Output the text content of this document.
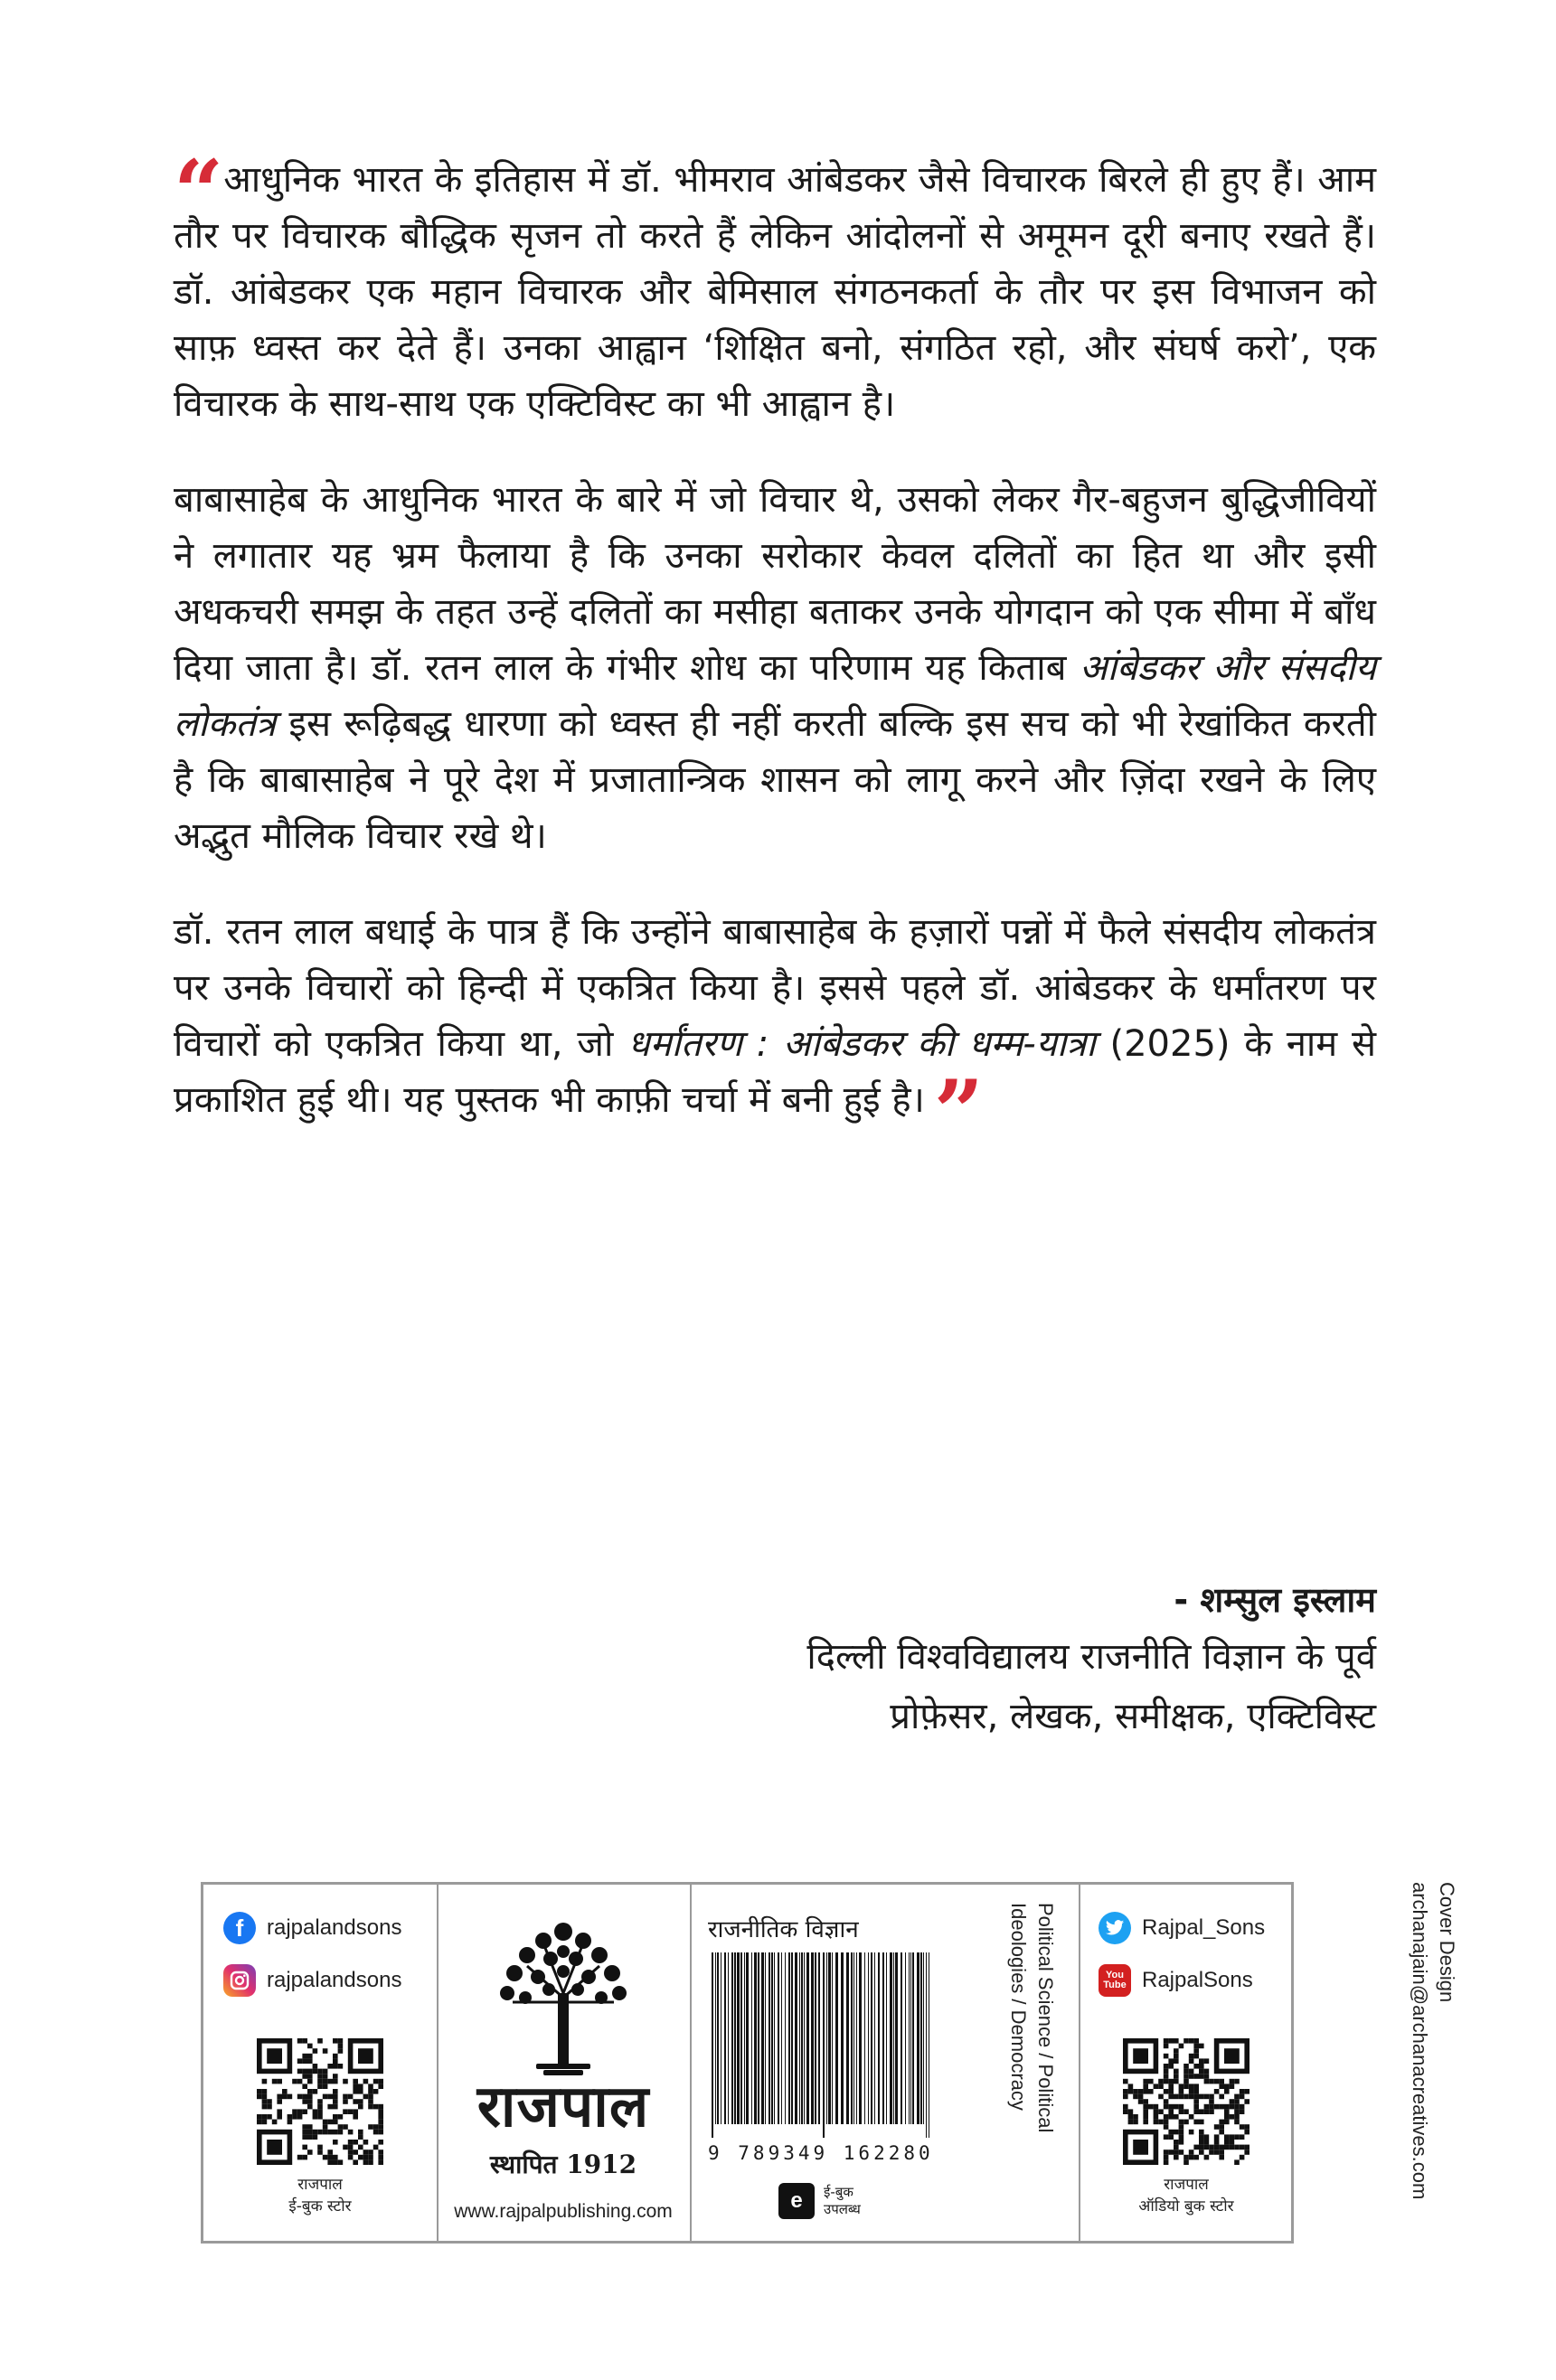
“ आधुनिक भारत के इतिहास में डॉ. भीमराव आंबेडकर जैसे विचारक बिरले ही हुए हैं। आम तौर पर विचारक बौद्धिक सृजन तो करते हैं लेकिन आंदोलनों से अमूमन दूरी बनाए रखते हैं। डॉ. आंबेडकर एक महान विचारक और बेमिसाल संगठनकर्ता के तौर पर इस विभाजन को साफ़ ध्वस्त कर देते हैं। उनका आह्वान ‘शिक्षित बनो, संगठित रहो, और संघर्ष करो’, एक विचारक के साथ-साथ एक एक्टिविस्ट का भी आह्वान है।

बाबासाहेब के आधुनिक भारत के बारे में जो विचार थे, उसको लेकर गैर-बहुजन बुद्धिजीवियों ने लगातार यह भ्रम फैलाया है कि उनका सरोकार केवल दलितों का हित था और इसी अधकचरी समझ के तहत उन्हें दलितों का मसीहा बताकर उनके योगदान को एक सीमा में बाँध दिया जाता है। डॉ. रतन लाल के गंभीर शोध का परिणाम यह किताब आंबेडकर और संसदीय लोकतंत्र इस रूढ़िबद्ध धारणा को ध्वस्त ही नहीं करती बल्कि इस सच को भी रेखांकित करती है कि बाबासाहेब ने पूरे देश में प्रजातान्त्रिक शासन को लागू करने और ज़िंदा रखने के लिए अद्भुत मौलिक विचार रखे थे।

डॉ. रतन लाल बधाई के पात्र हैं कि उन्होंने बाबासाहेब के हज़ारों पन्नों में फैले संसदीय लोकतंत्र पर उनके विचारों को हिन्दी में एकत्रित किया है। इससे पहले डॉ. आंबेडकर के धर्मांतरण पर विचारों को एकत्रित किया था, जो धर्मांतरण : आंबेडकर की धम्म-यात्रा (2025) के नाम से प्रकाशित हुई थी। यह पुस्तक भी काफ़ी चर्चा में बनी हुई है। ”

- शम्सुल इस्लाम
दिल्ली विश्वविद्यालय राजनीति विज्ञान के पूर्व
प्रोफ़ेसर, लेखक, समीक्षक, एक्टिविस्ट
f	rajpalandsons
rajpalandsons
राजपाल
ई-बुक स्टोर
राजपाल
स्थापित 1912
www.rajpalpublishing.com
राजनीतिक विज्ञान
9 789349 162280
e	ई-बुक
उपलब्ध
Political Science / Political Ideologies / Democracy	Rajpal_Sons
You Tube RajpalSons
राजपाल
ऑडियो बुक स्टोर
Cover Design
archanajain@archanacreatives.com
